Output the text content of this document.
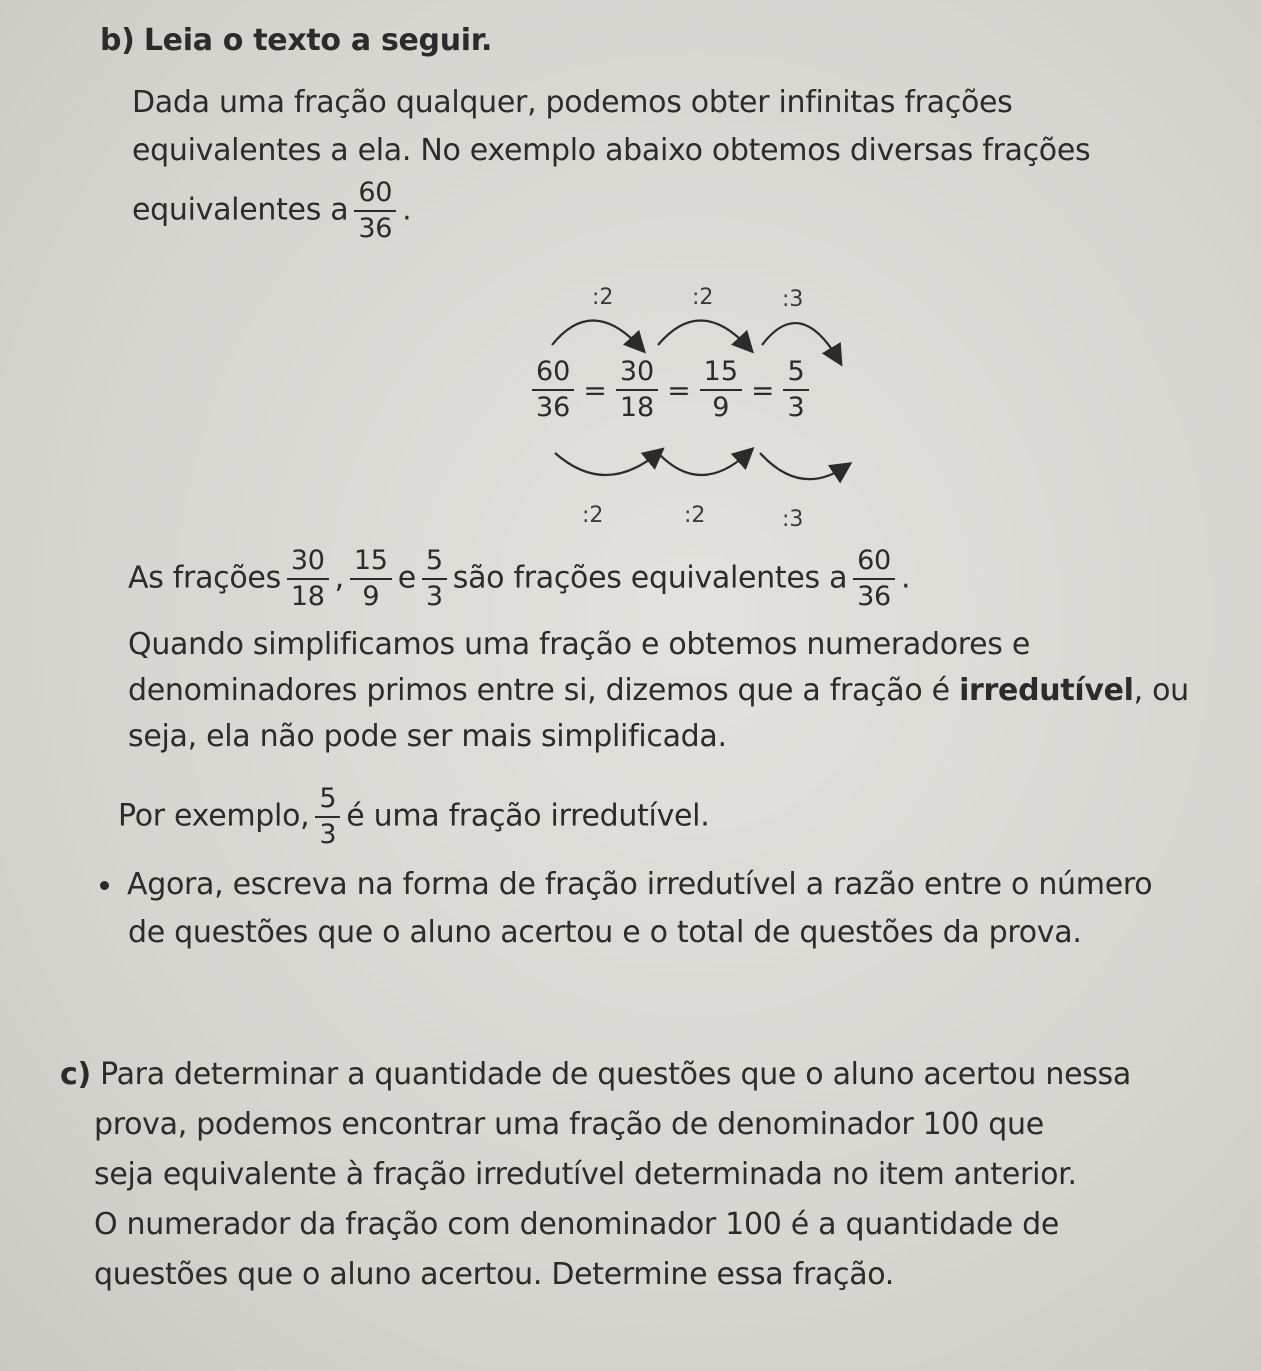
b) Leia o texto a seguir.
Dada uma fração qualquer, podemos obter infinitas frações
equivalentes a ela. No exemplo abaixo obtemos diversas frações
equivalentes a $\frac{60}{36}$ .
:2	:2	:3
:2	:2	:3
$\frac{60}{36} = \frac{30}{18} = \frac{15}{9} = \frac{5}{3}$
As frações $\frac{30}{18}$ , $\frac{15}{9}$ e $\frac{5}{3}$ são frações equivalentes a $\frac{60}{36}$ .
Quando simplificamos uma fração e obtemos numeradores e
denominadores primos entre si, dizemos que a fração é irredutível, ou
seja, ela não pode ser mais simplificada.
Por exemplo, $\frac{5}{3}$ é uma fração irredutível.
Agora, escreva na forma de fração irredutível a razão entre o número
de questões que o aluno acertou e o total de questões da prova.
c) Para determinar a quantidade de questões que o aluno acertou nessa
prova, podemos encontrar uma fração de denominador 100 que
seja equivalente à fração irredutível determinada no item anterior.
O numerador da fração com denominador 100 é a quantidade de
questões que o aluno acertou. Determine essa fração.
